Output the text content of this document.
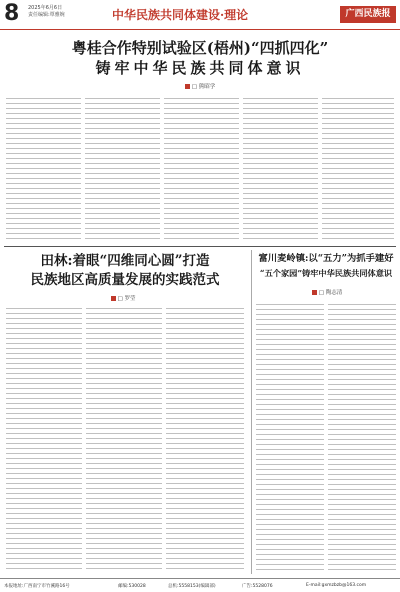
8 2025年6月6日
责任编辑:覃雅婉	中华民族共同体建设·理论	广西民族报
粤桂合作特别试验区(梧州)“四抓四化”
铸牢中华民族共同体意识
□ 熊昭学
田林:着眼“四维同心圆”打造
民族地区高质量发展的实践范式
□ 罗莹
富川麦岭镇:以“五力”为抓手建好
“五个家园”铸牢中华民族共同体意识
□ 陶志清
本报地址:广西南宁市竹溪路16号	邮编:530028	总机:5558153(编辑部)	广告:5528076	E-mail:gxmzbzb@163.com
